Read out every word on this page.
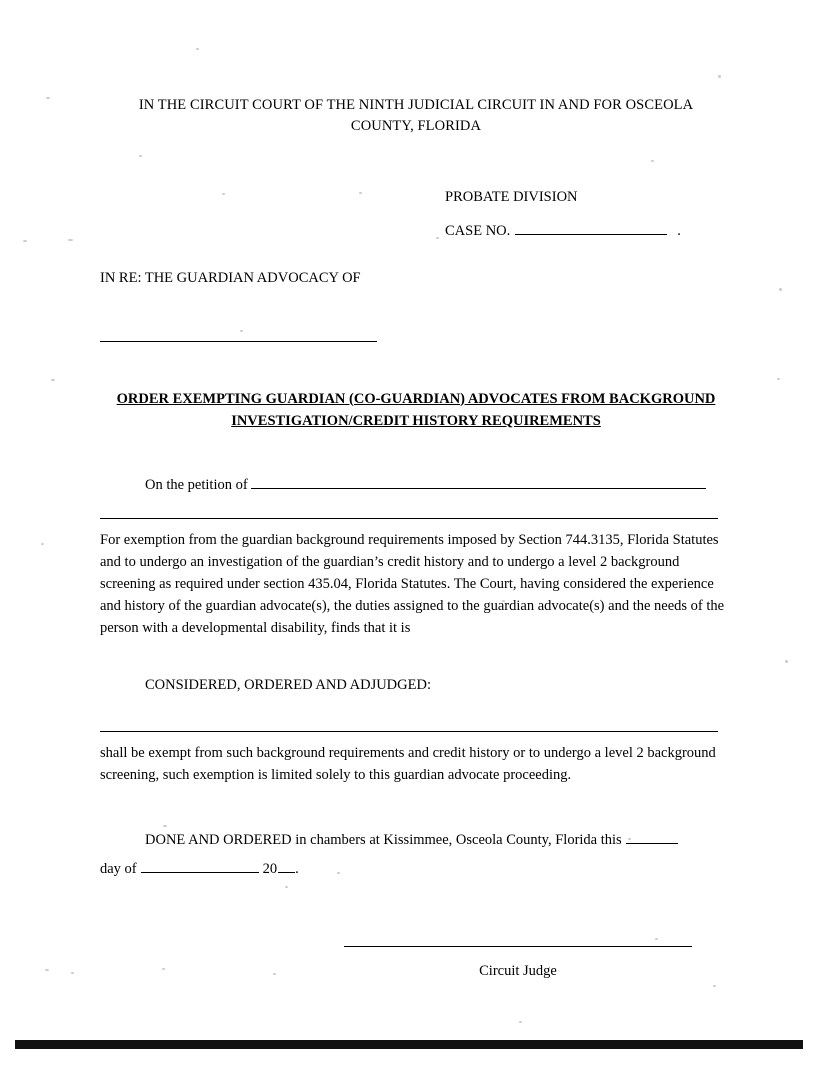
IN THE CIRCUIT COURT OF THE NINTH JUDICIAL CIRCUIT IN AND FOR OSCEOLA
COUNTY, FLORIDA
PROBATE DIVISION
CASE NO.	.
IN RE: THE GUARDIAN ADVOCACY OF
ORDER EXEMPTING GUARDIAN (CO-GUARDIAN) ADVOCATES FROM BACKGROUND INVESTIGATION/CREDIT HISTORY REQUIREMENTS
On the petition of
For exemption from the guardian background requirements imposed by Section 744.3135, Florida Statutes and to undergo an investigation of the guardian’s credit history and to undergo a level 2 background screening as required under section 435.04, Florida Statutes. The Court, having considered the experience and history of the guardian advocate(s), the duties assigned to the guardian advocate(s) and the needs of the person with a developmental disability, finds that it is
CONSIDERED, ORDERED AND ADJUDGED:
shall be exempt from such background requirements and credit history or to undergo a level 2 background screening, such exemption is limited solely to this guardian advocate proceeding.
DONE AND ORDERED in chambers at Kissimmee, Osceola County, Florida this
day of	20 .
Circuit Judge
